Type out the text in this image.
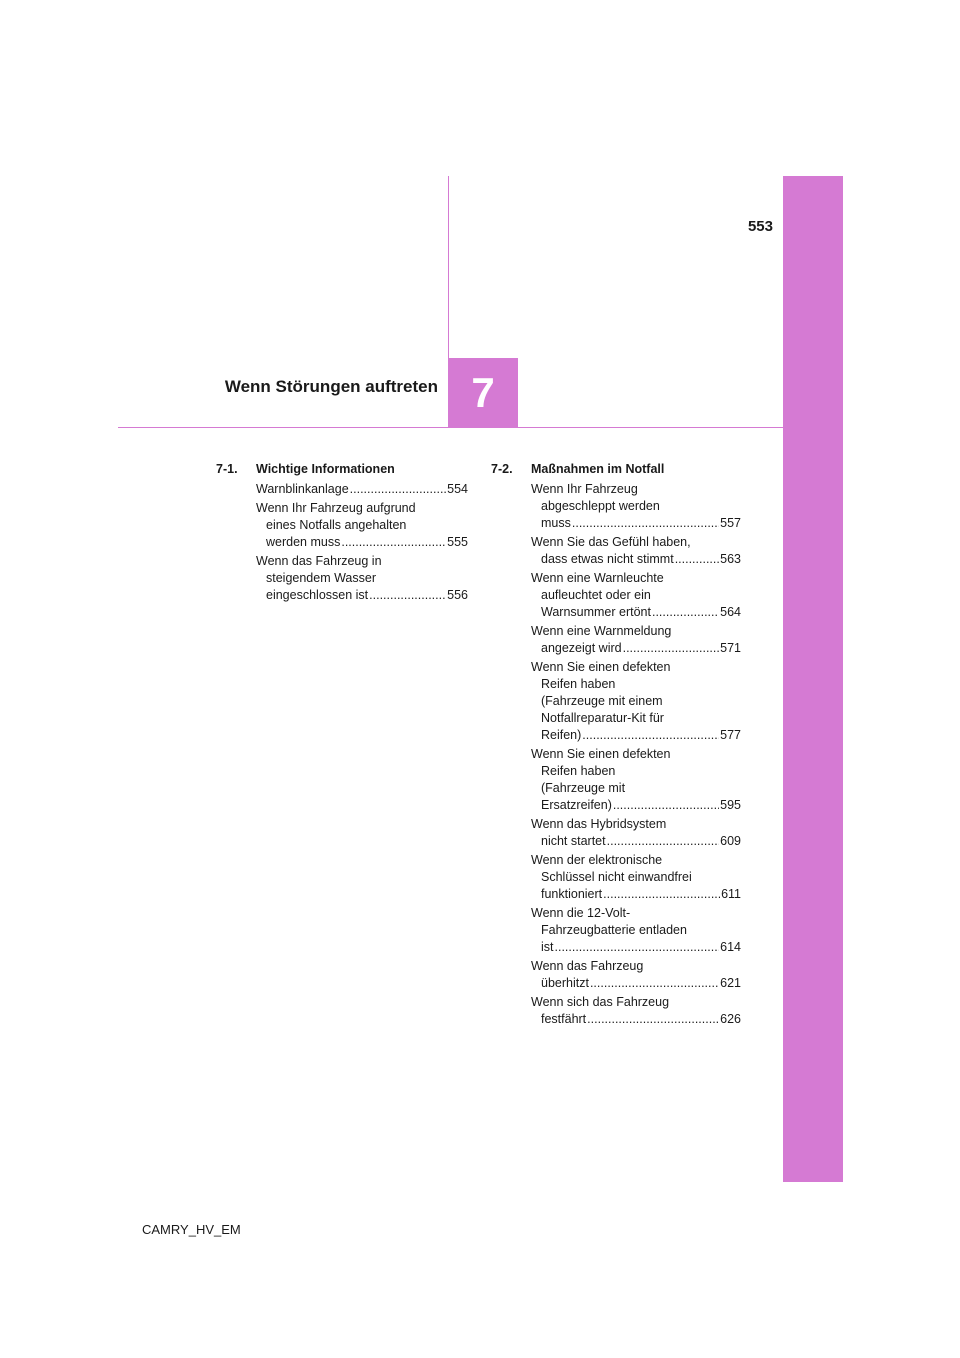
553
7
Wenn Störungen auftreten
7-1.	Wichtige Informationen
Warnblinkanlage .....	554
Wenn Ihr Fahrzeug aufgrund
eines Notfalls angehalten
werden muss .....	555
Wenn das Fahrzeug in
steigendem Wasser
eingeschlossen ist .....	556
7-2.	Maßnahmen im Notfall
Wenn Ihr Fahrzeug
abgeschleppt werden
muss .....	557
Wenn Sie das Gefühl haben,
dass etwas nicht stimmt .....	563
Wenn eine Warnleuchte
aufleuchtet oder ein
Warnsummer ertönt .....	564
Wenn eine Warnmeldung
angezeigt wird .....	571
Wenn Sie einen defekten
Reifen haben
(Fahrzeuge mit einem
Notfallreparatur-Kit für
Reifen) .....	577
Wenn Sie einen defekten
Reifen haben
(Fahrzeuge mit
Ersatzreifen) .....	595
Wenn das Hybridsystem
nicht startet .....	609
Wenn der elektronische
Schlüssel nicht einwandfrei
funktioniert .....	611
Wenn die 12-Volt-
Fahrzeugbatterie entladen
ist .....	614
Wenn das Fahrzeug
überhitzt .....	621
Wenn sich das Fahrzeug
festfährt .....	626
CAMRY_HV_EM
